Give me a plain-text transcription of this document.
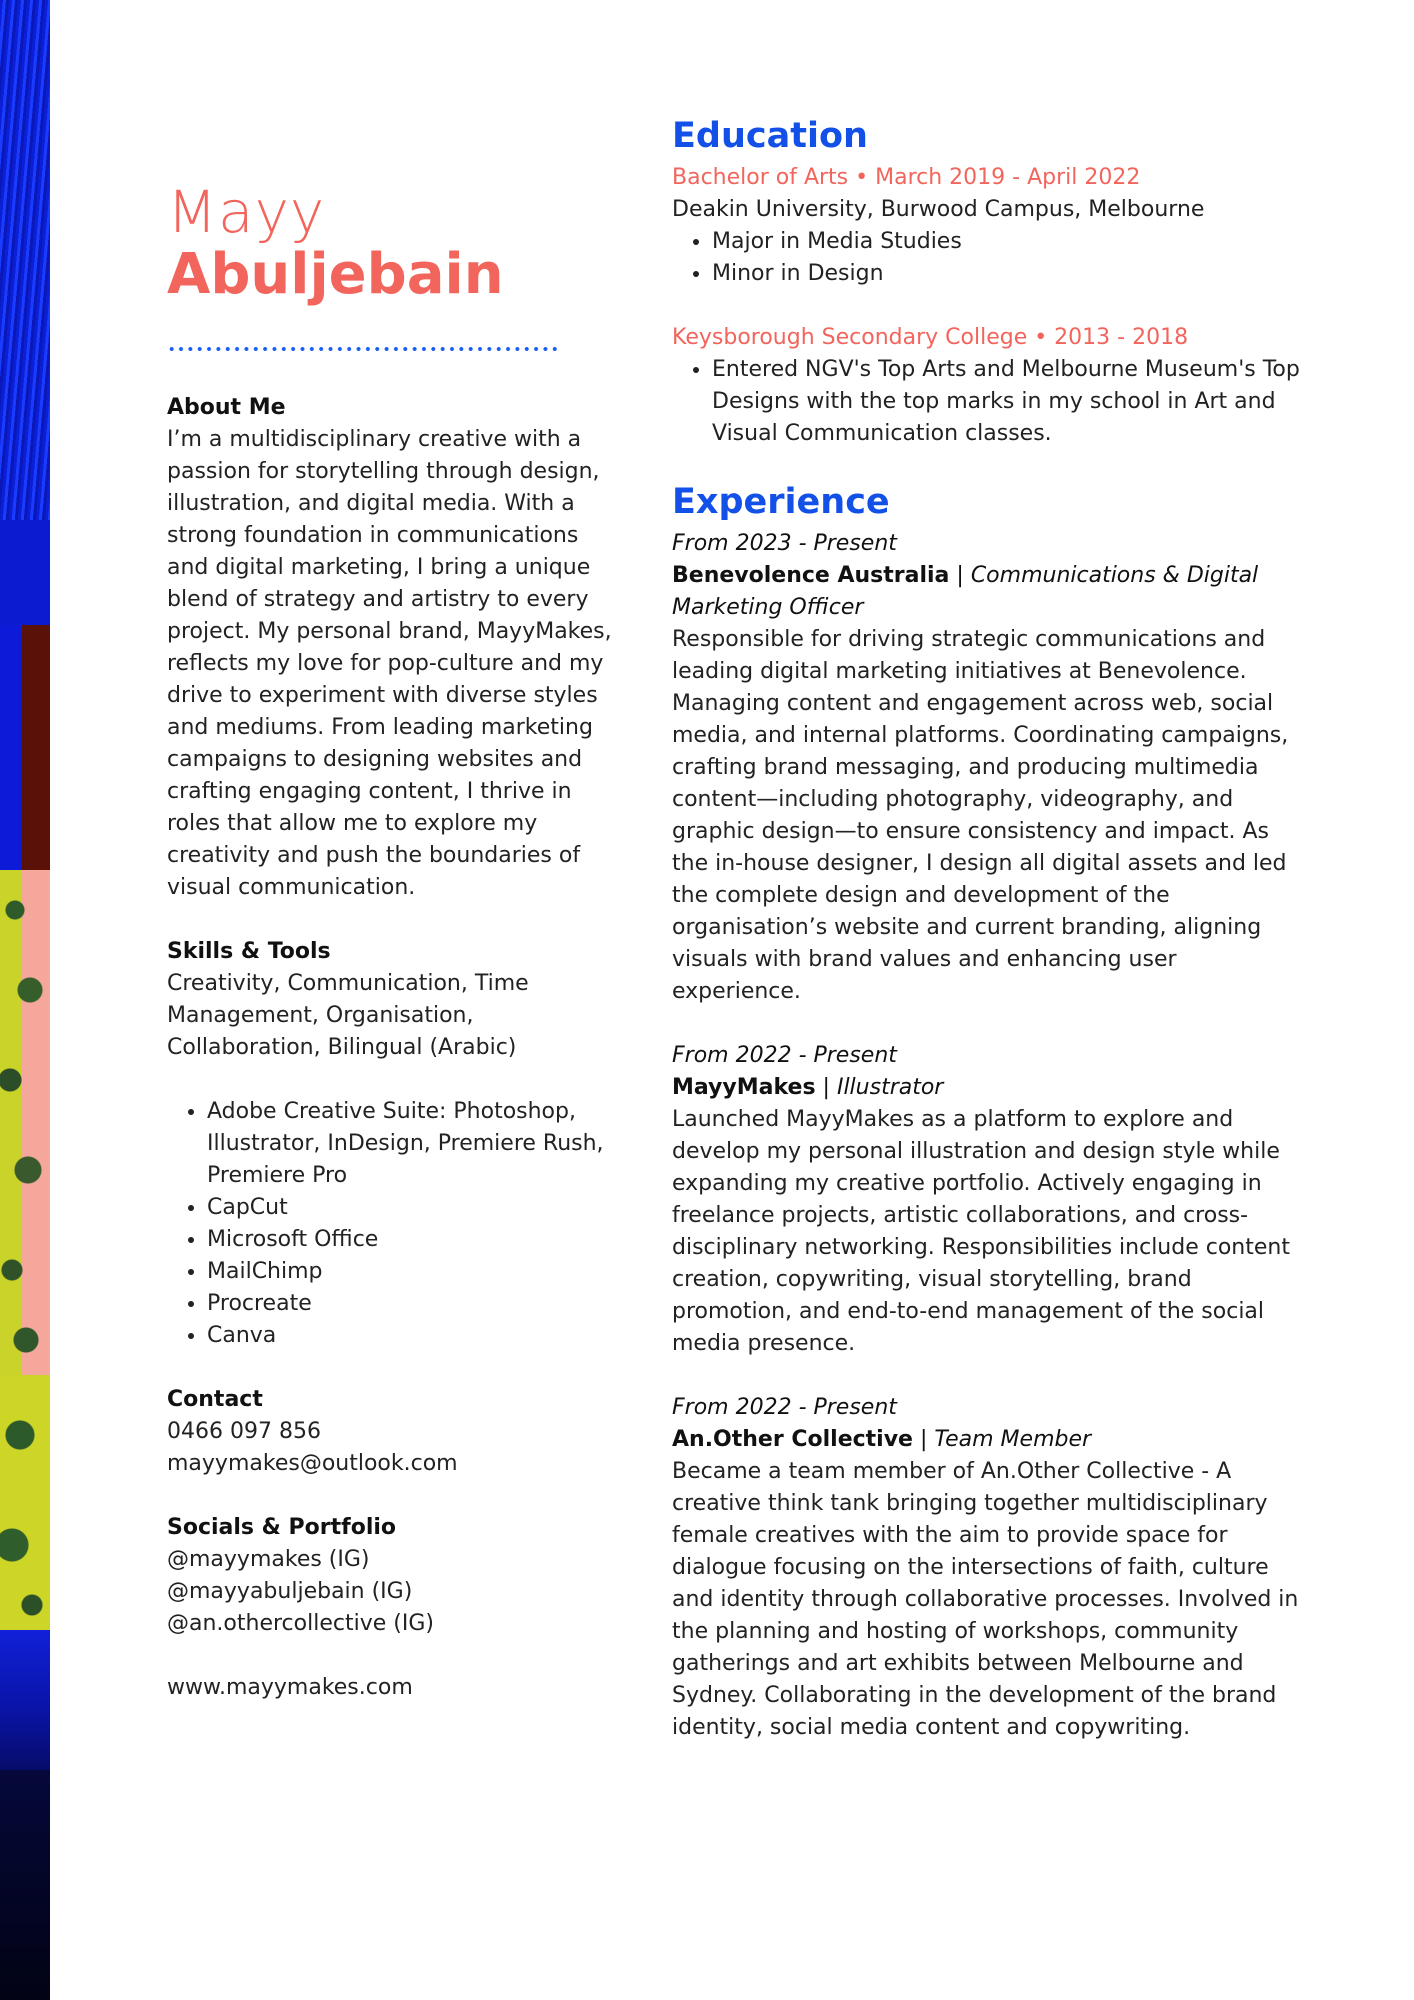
Mayy

Abuljebain

About Me

I’m a multidisciplinary creative with a passion for storytelling through design, illustration, and digital media. With a strong foundation in communications and digital marketing, I bring a unique blend of strategy and artistry to every project. My personal brand, MayyMakes, reflects my love for pop-culture and my drive to experiment with diverse styles and mediums. From leading marketing campaigns to designing websites and crafting engaging content, I thrive in roles that allow me to explore my creativity and push the boundaries of visual communication.

Skills & Tools

Creativity, Communication, Time Management, Organisation, Collaboration, Bilingual (Arabic)

• Adobe Creative Suite: Photoshop, Illustrator, InDesign, Premiere Rush, Premiere Pro
• CapCut
• Microsoft Office
• MailChimp
• Procreate
• Canva

Contact

0466 097 856

mayymakes@outlook.com

Socials & Portfolio

@mayymakes (IG)

@mayyabuljebain (IG)

@an.othercollective (IG)

www.mayymakes.com

Education

Bachelor of Arts • March 2019 - April 2022

Deakin University, Burwood Campus, Melbourne

• Major in Media Studies
• Minor in Design

Keysborough Secondary College • 2013 - 2018

• Entered NGV's Top Arts and Melbourne Museum's Top Designs with the top marks in my school in Art and Visual Communication classes.

Experience

From 2023 - Present

Benevolence Australia | Communications & Digital Marketing Officer

Responsible for driving strategic communications and leading digital marketing initiatives at Benevolence. Managing content and engagement across web, social media, and internal platforms. Coordinating campaigns, crafting brand messaging, and producing multimedia content—including photography, videography, and graphic design—to ensure consistency and impact. As the in-house designer, I design all digital assets and led the complete design and development of the organisation’s website and current branding, aligning visuals with brand values and enhancing user experience.

From 2022 - Present

MayyMakes | Illustrator

Launched MayyMakes as a platform to explore and develop my personal illustration and design style while expanding my creative portfolio. Actively engaging in freelance projects, artistic collaborations, and cross-disciplinary networking. Responsibilities include content creation, copywriting, visual storytelling, brand promotion, and end-to-end management of the social media presence.

From 2022 - Present

An.Other Collective | Team Member

Became a team member of An.Other Collective - A creative think tank bringing together multidisciplinary female creatives with the aim to provide space for dialogue focusing on the intersections of faith, culture and identity through collaborative processes. Involved in the planning and hosting of workshops, community gatherings and art exhibits between Melbourne and Sydney. Collaborating in the development of the brand identity, social media content and copywriting.
